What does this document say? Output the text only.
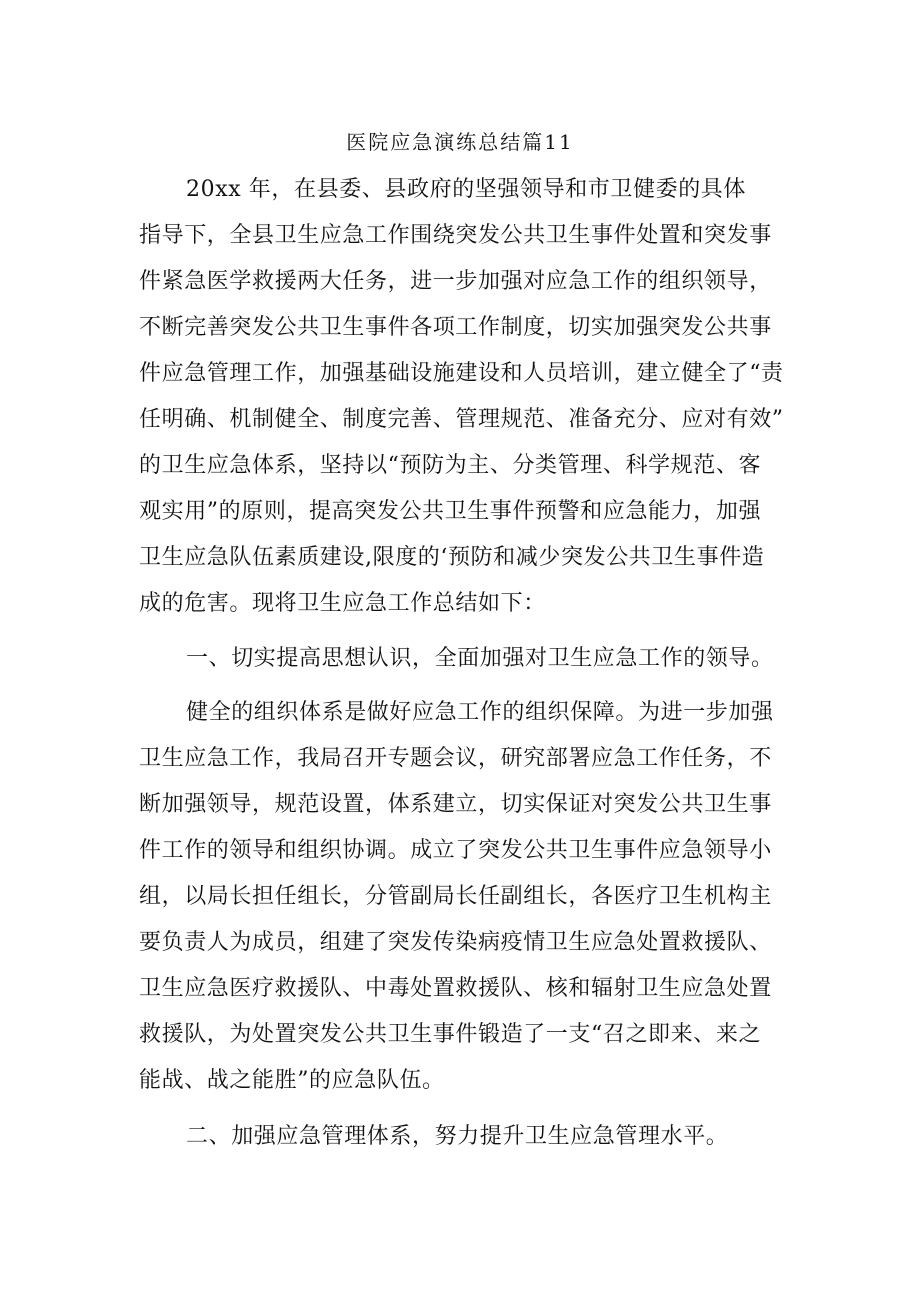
医院应急演练总结篇11
20xx 年，在县委、县政府的坚强领导和市卫健委的具体
指导下，全县卫生应急工作围绕突发公共卫生事件处置和突发事
件紧急医学救援两大任务，进一步加强对应急工作的组织领导，
不断完善突发公共卫生事件各项工作制度，切实加强突发公共事
件应急管理工作，加强基础设施建设和人员培训，建立健全了“责
任明确、机制健全、制度完善、管理规范、准备充分、应对有效”
的卫生应急体系，坚持以“预防为主、分类管理、科学规范、客
观实用”的原则，提高突发公共卫生事件预警和应急能力，加强
卫生应急队伍素质建设,限度的‘预防和减少突发公共卫生事件造
成的危害。现将卫生应急工作总结如下：
一、切实提高思想认识，全面加强对卫生应急工作的领导。
健全的组织体系是做好应急工作的组织保障。为进一步加强
卫生应急工作，我局召开专题会议，研究部署应急工作任务，不
断加强领导，规范设置，体系建立，切实保证对突发公共卫生事
件工作的领导和组织协调。成立了突发公共卫生事件应急领导小
组，以局长担任组长，分管副局长任副组长，各医疗卫生机构主
要负责人为成员，组建了突发传染病疫情卫生应急处置救援队、
卫生应急医疗救援队、中毒处置救援队、核和辐射卫生应急处置
救援队，为处置突发公共卫生事件锻造了一支“召之即来、来之
能战、战之能胜”的应急队伍。
二、加强应急管理体系，努力提升卫生应急管理水平。
